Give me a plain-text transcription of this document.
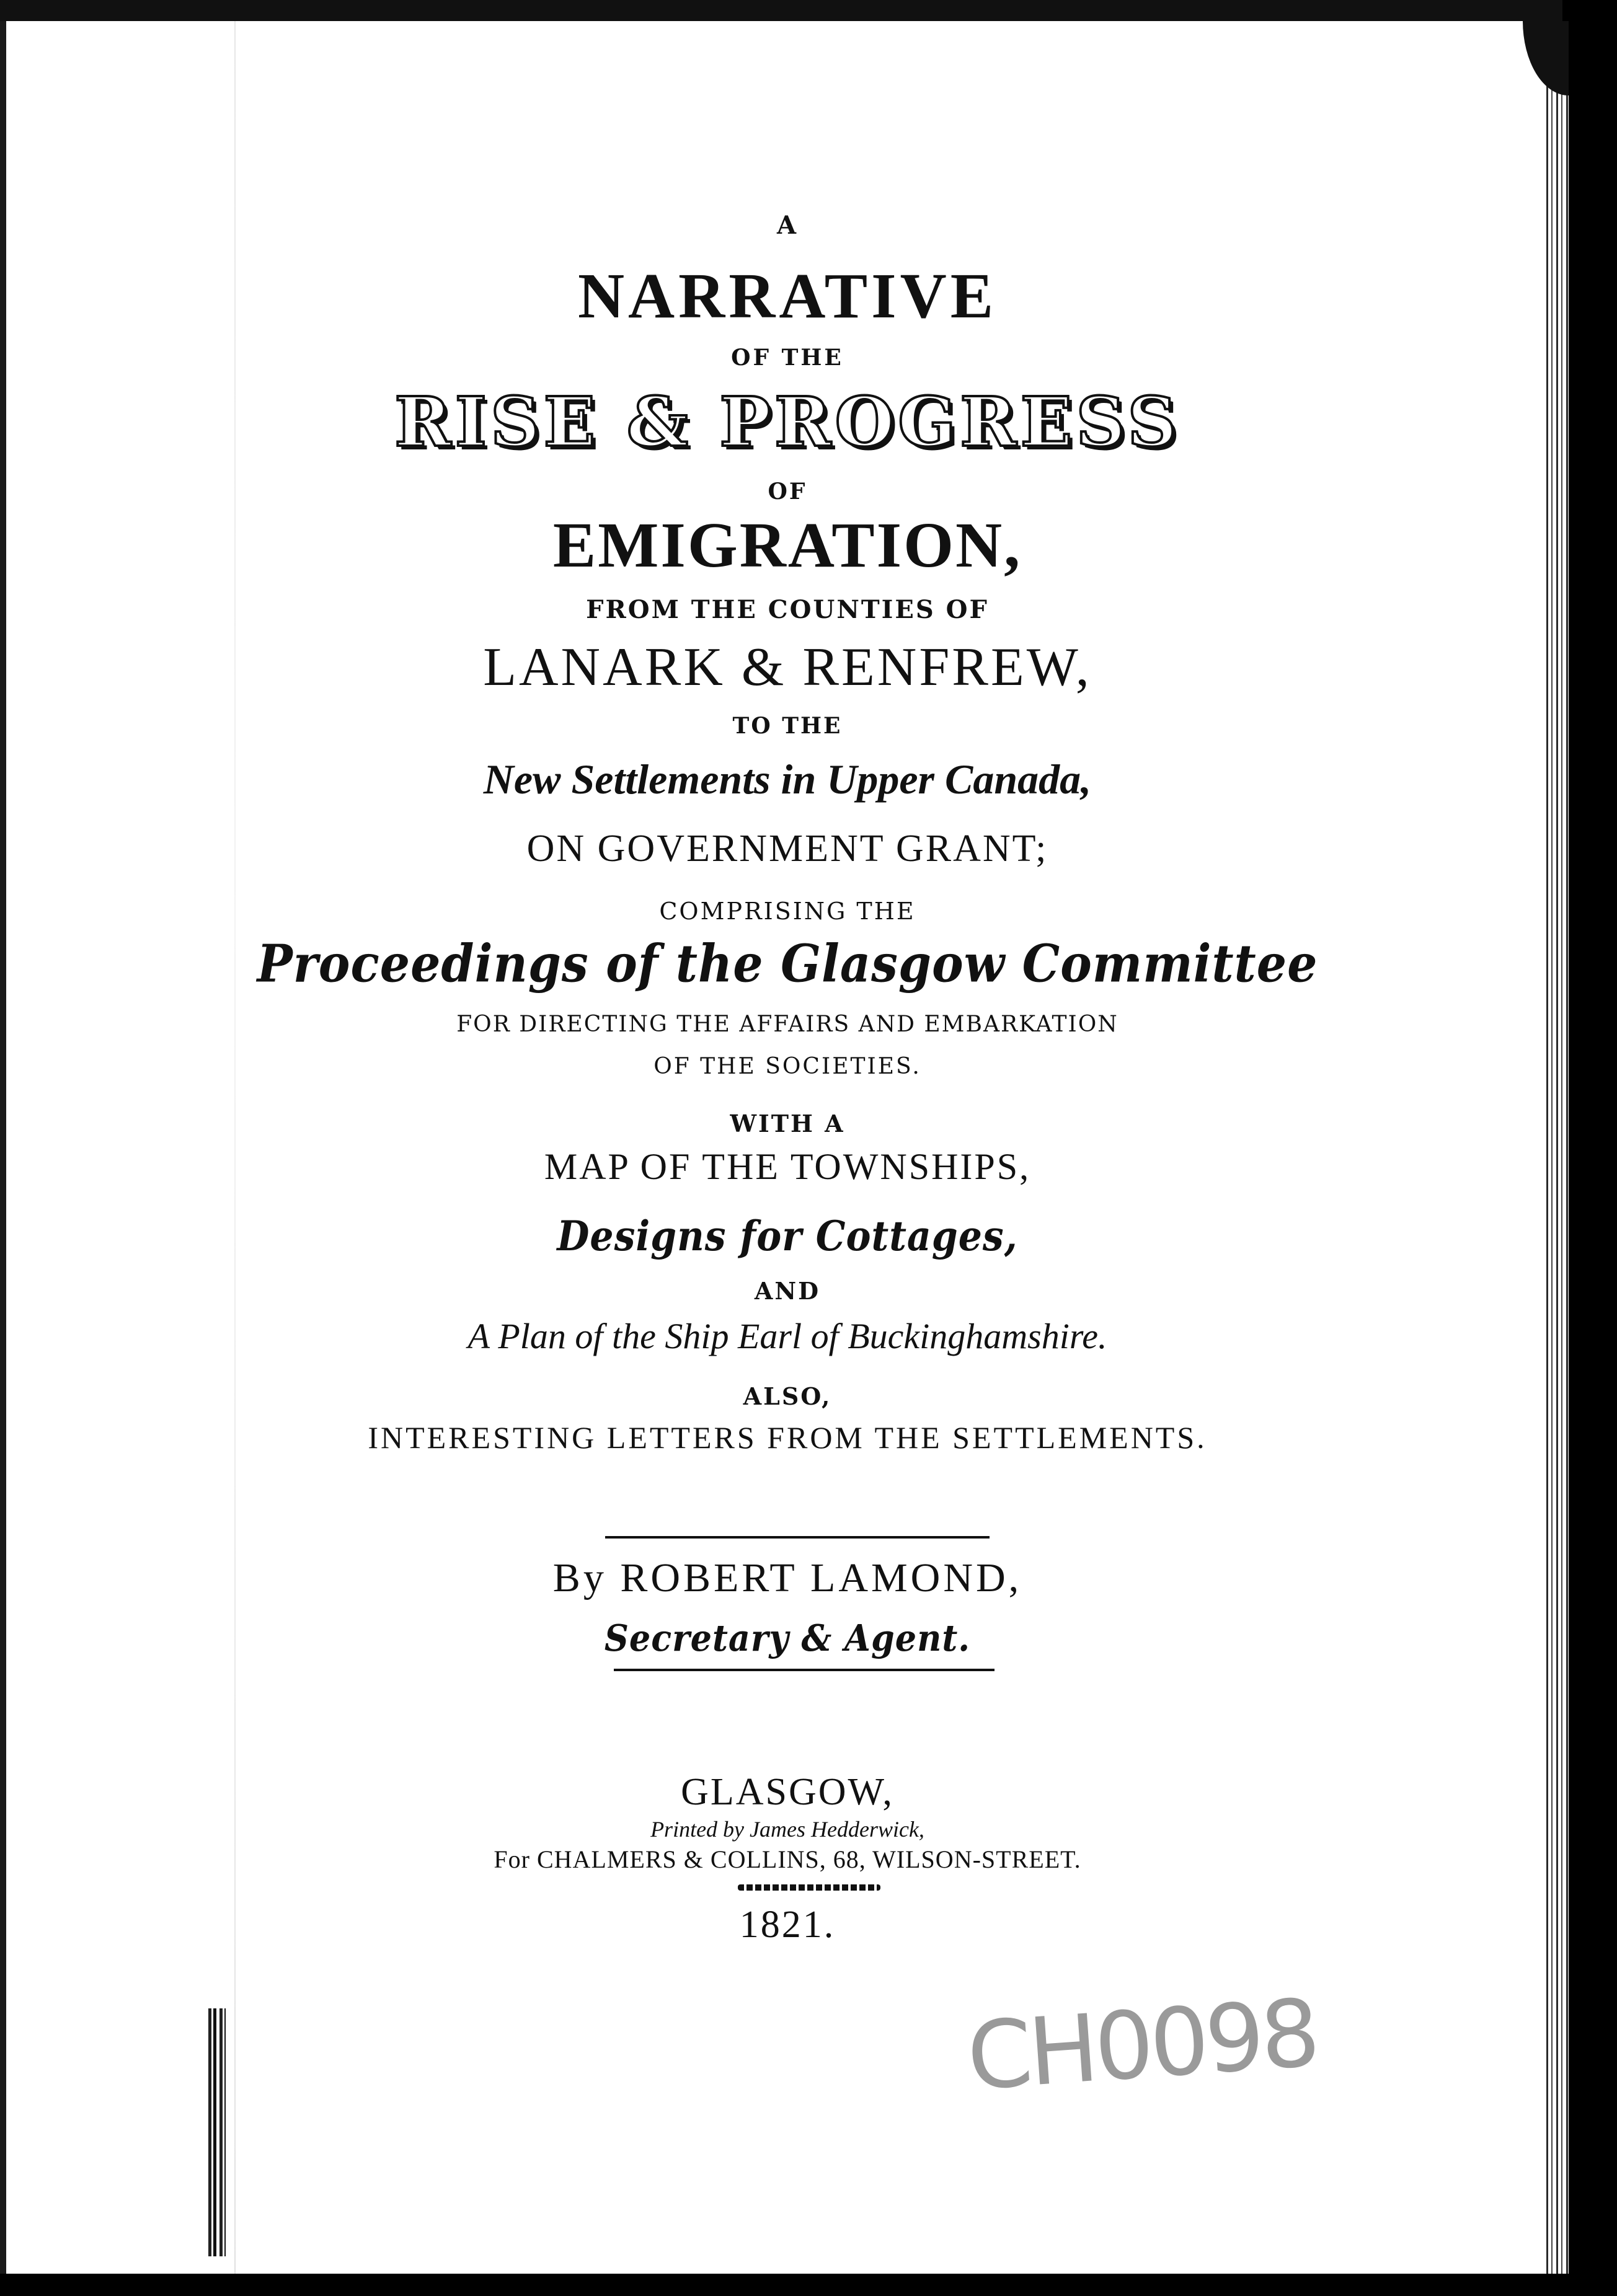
A
NARRATIVE
OF THE
RISE & PROGRESS
OF
EMIGRATION,
FROM THE COUNTIES OF
LANARK & RENFREW,
TO THE
New Settlements in Upper Canada,
ON GOVERNMENT GRANT;
COMPRISING THE
Proceedings of the Glasgow Committee
FOR DIRECTING THE AFFAIRS AND EMBARKATION
OF THE SOCIETIES.
WITH A
MAP OF THE TOWNSHIPS,
Designs for Cottages,
AND
A Plan of the Ship Earl of Buckinghamshire.
ALSO,
INTERESTING LETTERS FROM THE SETTLEMENTS.
By ROBERT LAMOND,
Secretary & Agent.
GLASGOW,
Printed by James Hedderwick,
For CHALMERS & COLLINS, 68, WILSON-STREET.
1821.
CH0098
